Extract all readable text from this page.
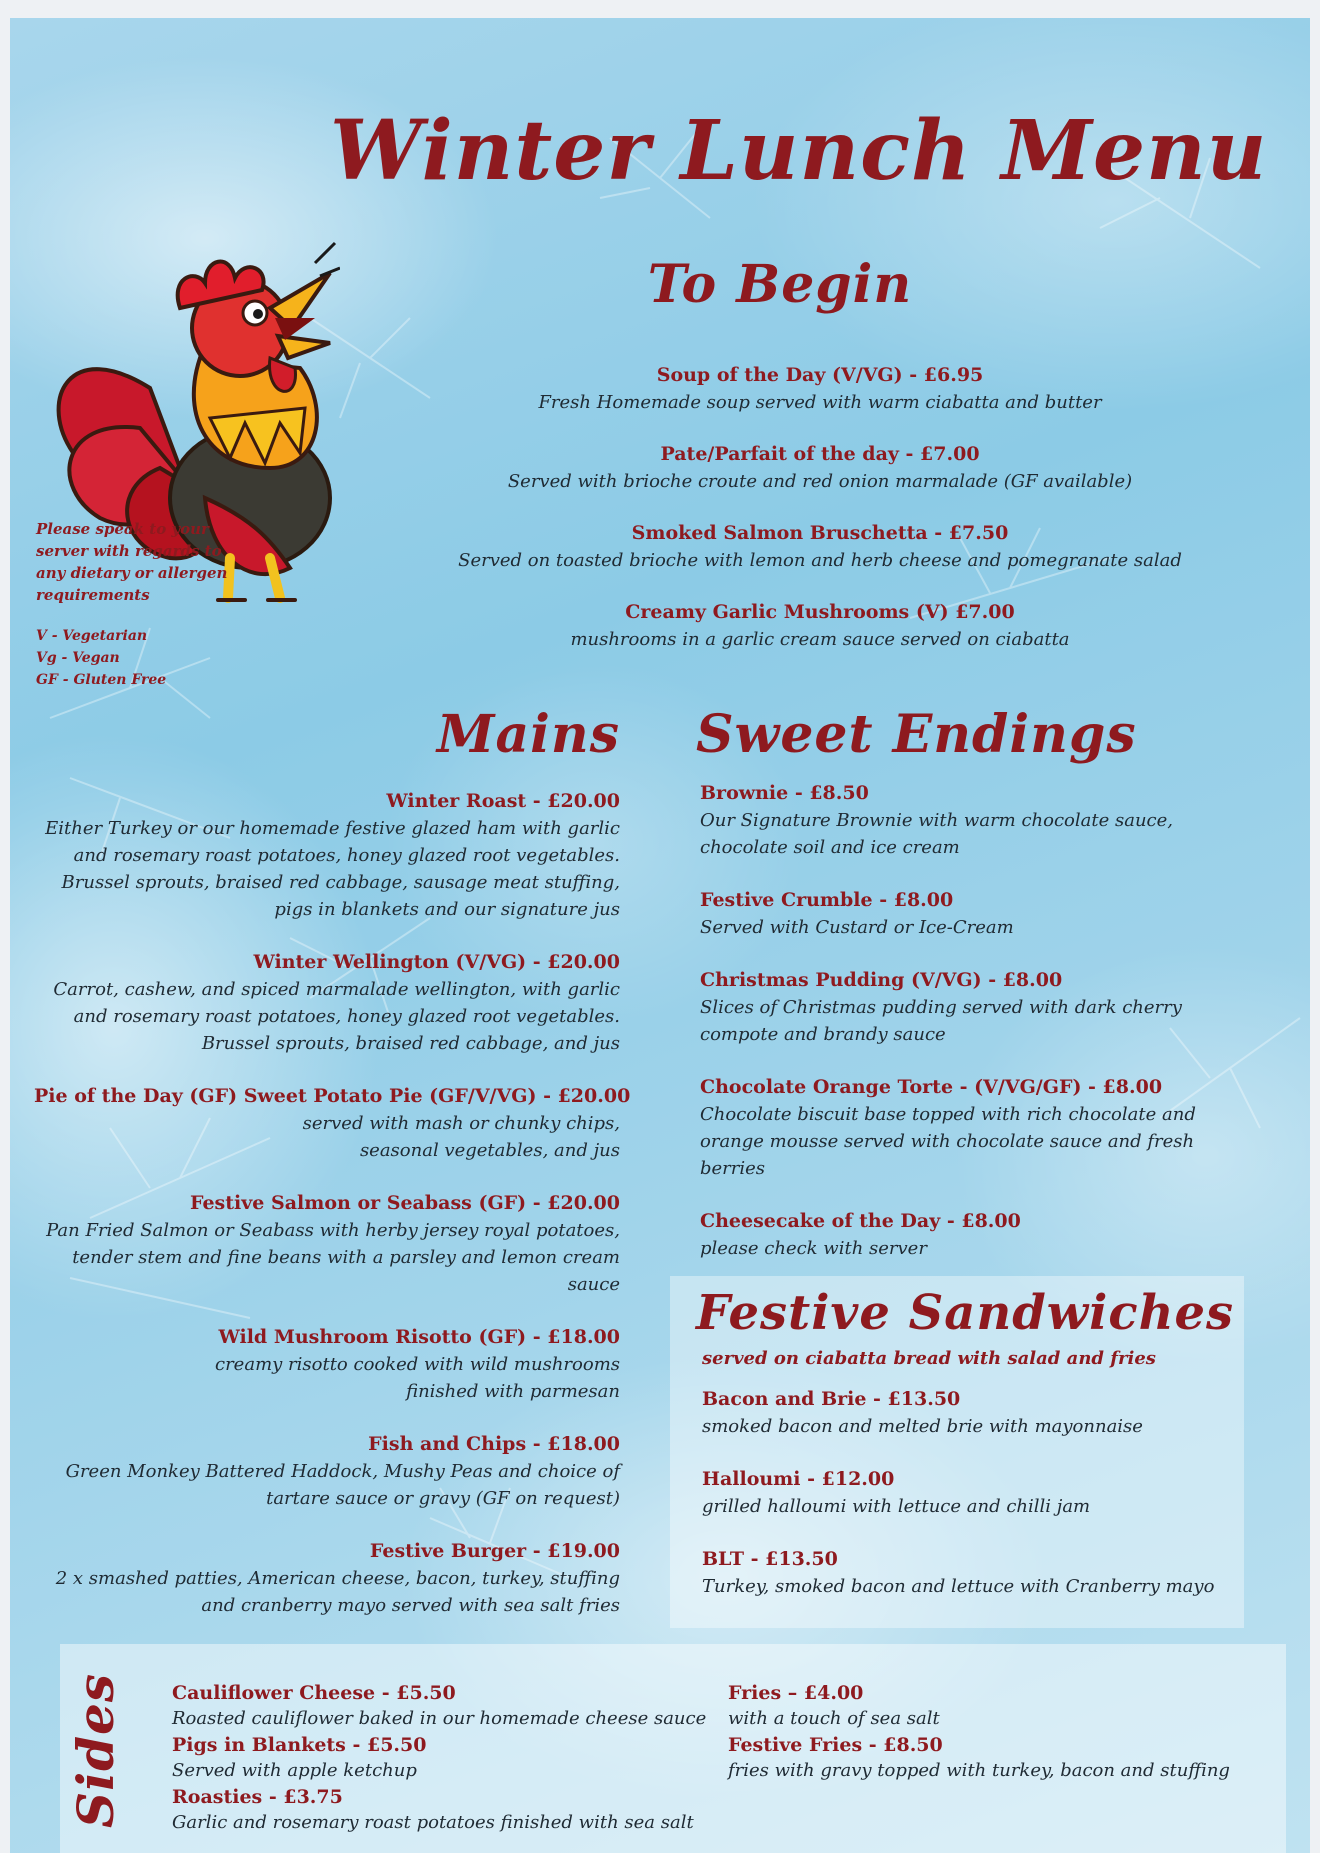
Winter Lunch Menu
Please speak to your server with regards to any dietary or allergen requirements
V - Vegetarian
Vg - Vegan
GF - Gluten Free
To Begin
Soup of the Day (V/VG) - £6.95
Fresh Homemade soup served with warm ciabatta and butter
Pate/Parfait of the day - £7.00
Served with brioche croute and red onion marmalade (GF available)
Smoked Salmon Bruschetta - £7.50
Served on toasted brioche with lemon and herb cheese and pomegranate salad
Creamy Garlic Mushrooms (V) £7.00
mushrooms in a garlic cream sauce served on ciabatta
Mains
Winter Roast - £20.00
Either Turkey or our homemade festive glazed ham with garlic and rosemary roast potatoes, honey glazed root vegetables. Brussel sprouts, braised red cabbage, sausage meat stuffing, pigs in blankets and our signature jus
Winter Wellington (V/VG) - £20.00
Carrot, cashew, and spiced marmalade wellington, with garlic and rosemary roast potatoes, honey glazed root vegetables. Brussel sprouts, braised red cabbage, and jus
Pie of the Day (GF) Sweet Potato Pie (GF/V/VG) - £20.00
served with mash or chunky chips, seasonal vegetables, and jus
Festive Salmon or Seabass (GF) - £20.00
Pan Fried Salmon or Seabass with herby jersey royal potatoes, tender stem and fine beans with a parsley and lemon cream sauce
Wild Mushroom Risotto (GF) - £18.00
creamy risotto cooked with wild mushrooms finished with parmesan
Fish and Chips - £18.00
Green Monkey Battered Haddock, Mushy Peas and choice of tartare sauce or gravy (GF on request)
Festive Burger - £19.00
2 x smashed patties, American cheese, bacon, turkey, stuffing and cranberry mayo served with sea salt fries
Sweet Endings
Brownie - £8.50
Our Signature Brownie with warm chocolate sauce, chocolate soil and ice cream
Festive Crumble - £8.00
Served with Custard or Ice-Cream
Christmas Pudding (V/VG) - £8.00
Slices of Christmas pudding served with dark cherry compote and brandy sauce
Chocolate Orange Torte - (V/VG/GF) - £8.00
Chocolate biscuit base topped with rich chocolate and orange mousse served with chocolate sauce and fresh berries
Cheesecake of the Day - £8.00
please check with server
Festive Sandwiches
served on ciabatta bread with salad and fries
Bacon and Brie - £13.50
smoked bacon and melted brie with mayonnaise
Halloumi - £12.00
grilled halloumi with lettuce and chilli jam
BLT - £13.50
Turkey, smoked bacon and lettuce with Cranberry mayo
Sides	Cauliflower Cheese - £5.50
Roasted cauliflower baked in our homemade cheese sauce
Pigs in Blankets - £5.50
Served with apple ketchup
Roasties - £3.75
Garlic and rosemary roast potatoes finished with sea salt
Fries – £4.00
with a touch of sea salt
Festive Fries - £8.50
fries with gravy topped with turkey, bacon and stuffing
